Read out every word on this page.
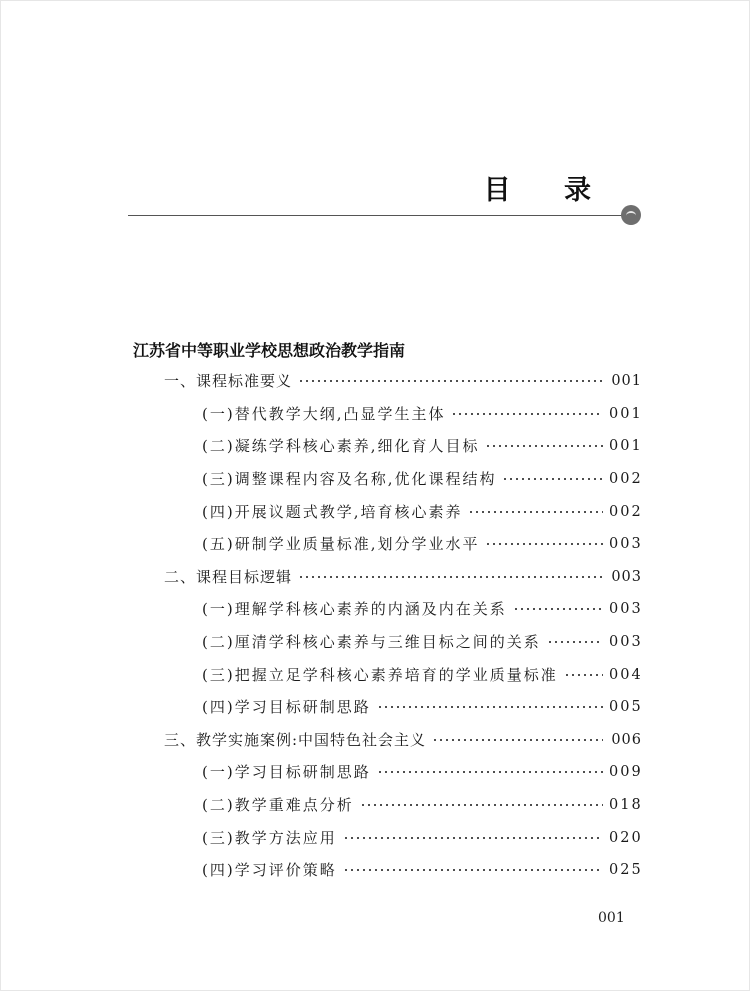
目 录
江苏省中等职业学校思想政治教学指南
一、课程标准要义	001
(一)替代教学大纲,凸显学生主体	001
(二)凝练学科核心素养,细化育人目标	001
(三)调整课程内容及名称,优化课程结构	002
(四)开展议题式教学,培育核心素养	002
(五)研制学业质量标准,划分学业水平	003
二、课程目标逻辑	003
(一)理解学科核心素养的内涵及内在关系	003
(二)厘清学科核心素养与三维目标之间的关系	003
(三)把握立足学科核心素养培育的学业质量标准	004
(四)学习目标研制思路	005
三、教学实施案例:中国特色社会主义	006
(一)学习目标研制思路	009
(二)教学重难点分析	018
(三)教学方法应用	020
(四)学习评价策略	025
001
